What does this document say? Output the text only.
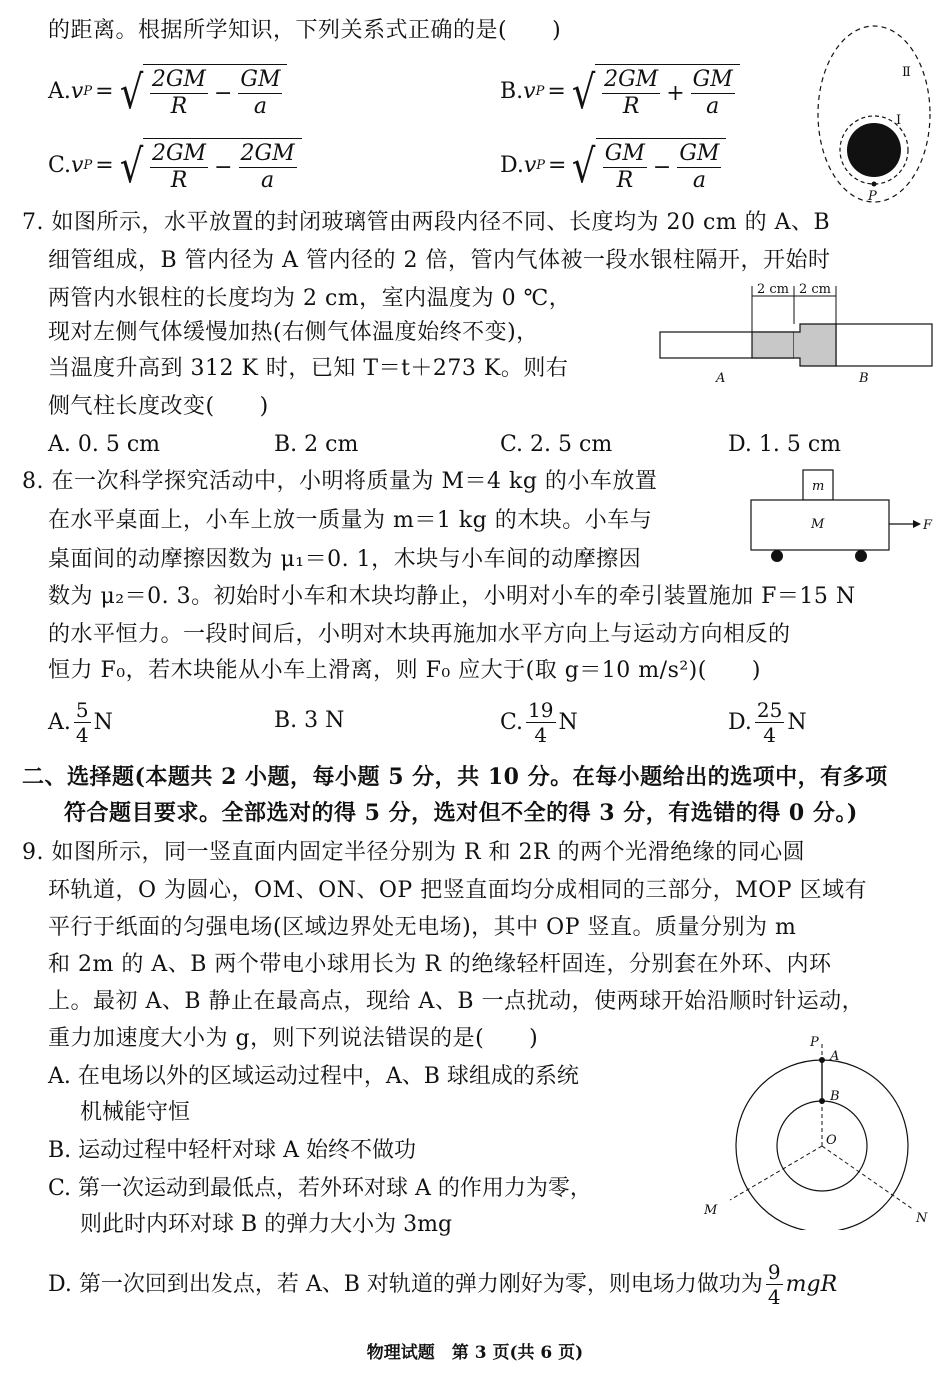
的距离。根据所学知识，下列关系式正确的是(　　)
A. v P = √ 2GM
R
− $\frac{GM}{a}$	B. v P = √ 2GM
R
+ $\frac{GM}{a}$
C. v P = √ 2GM
R
− $\frac{2GM}{a}$	D. v P = √ GM
R
− $\frac{GM}{a}$
Ⅱ
Ⅰ
P
7. 如图所示，水平放置的封闭玻璃管由两段内径不同、长度均为 20 cm 的 A、B
细管组成，B 管内径为 A 管内径的 2 倍，管内气体被一段水银柱隔开，开始时
两管内水银柱的长度均为 2 cm，室内温度为 0 ℃，
现对左侧气体缓慢加热(右侧气体温度始终不变)，
当温度升高到 312 K 时，已知 T＝t＋273 K。则右
侧气柱长度改变(　　)
2 cm 2 cm
A	B
A. 0. 5 cm	B. 2 cm	C. 2. 5 cm	D. 1. 5 cm
8. 在一次科学探究活动中，小明将质量为 M＝4 kg 的小车放置
在水平桌面上，小车上放一质量为 m＝1 kg 的木块。小车与
桌面间的动摩擦因数为 μ₁＝0. 1，木块与小车间的动摩擦因
数为 μ₂＝0. 3。初始时小车和木块均静止，小明对小车的牵引装置施加 F＝15 N
的水平恒力。一段时间后，小明对木块再施加水平方向上与运动方向相反的
恒力 F₀，若木块能从小车上滑离，则 F₀ 应大于(取 g＝10 m/s²)(　　)
m
M	F
A. 5
4
N	B. 3 N	C. 19
4
N	D. 25
4
N
二、选择题(本题共 2 小题，每小题 5 分，共 10 分。在每小题给出的选项中，有多项
符合题目要求。全部选对的得 5 分，选对但不全的得 3 分，有选错的得 0 分。)
9. 如图所示，同一竖直面内固定半径分别为 R 和 2R 的两个光滑绝缘的同心圆
环轨道，O 为圆心，OM、ON、OP 把竖直面均分成相同的三部分，MOP 区域有
平行于纸面的匀强电场(区域边界处无电场)，其中 OP 竖直。质量分别为 m
和 2m 的 A、B 两个带电小球用长为 R 的绝缘轻杆固连，分别套在外环、内环
上。最初 A、B 静止在最高点，现给 A、B 一点扰动，使两球开始沿顺时针运动，
重力加速度大小为 g，则下列说法错误的是(　　)
A. 在电场以外的区域运动过程中，A、B 球组成的系统
机械能守恒
B. 运动过程中轻杆对球 A 始终不做功
C. 第一次运动到最低点，若外环对球 A 的作用力为零，
则此时内环对球 B 的弹力大小为 3mg
D. 第一次回到出发点，若 A、B 对轨道的弹力刚好为零，则电场力做功为 9
4
mgR
P
A
B
O
M
N
物理试题　第 3 页(共 6 页)
